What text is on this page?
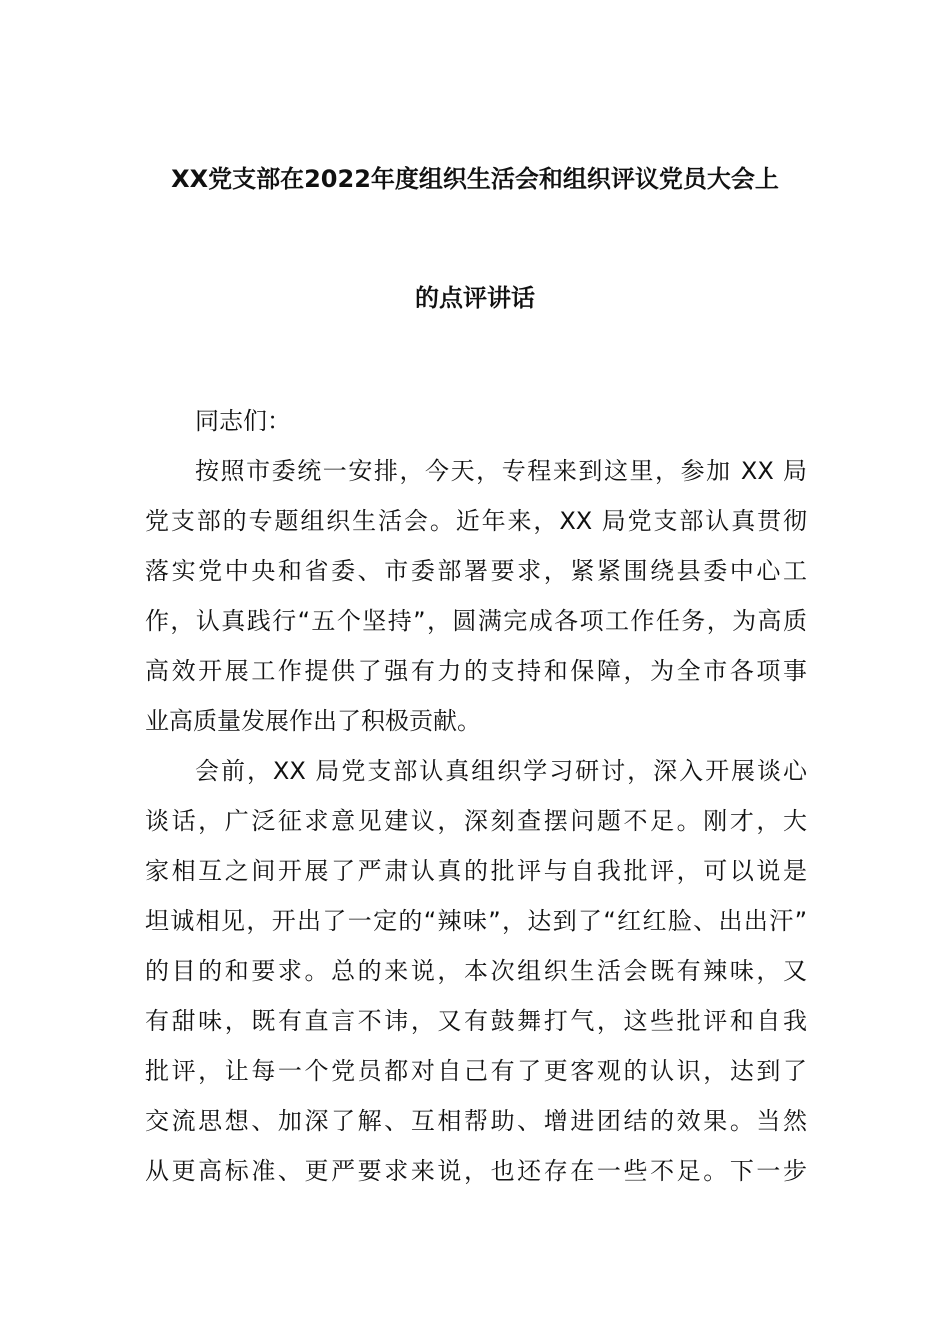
XX党支部在2022年度组织生活会和组织评议党员大会上
的点评讲话
同志们：
按照市委统一安排，今天，专程来到这里，参加 XX 局
党支部的专题组织生活会。近年来，XX 局党支部认真贯彻
落实党中央和省委、市委部署要求，紧紧围绕县委中心工
作，认真践行“五个坚持”，圆满完成各项工作任务，为高质
高效开展工作提供了强有力的支持和保障，为全市各项事
业高质量发展作出了积极贡献。
会前，XX 局党支部认真组织学习研讨，深入开展谈心
谈话，广泛征求意见建议，深刻查摆问题不足。刚才，大
家相互之间开展了严肃认真的批评与自我批评，可以说是
坦诚相见，开出了一定的“辣味”，达到了“红红脸、出出汗”
的目的和要求。总的来说，本次组织生活会既有辣味，又
有甜味，既有直言不讳，又有鼓舞打气，这些批评和自我
批评，让每一个党员都对自己有了更客观的认识，达到了
交流思想、加深了解、互相帮助、增进团结的效果。当然
从更高标准、更严要求来说，也还存在一些不足。下一步
